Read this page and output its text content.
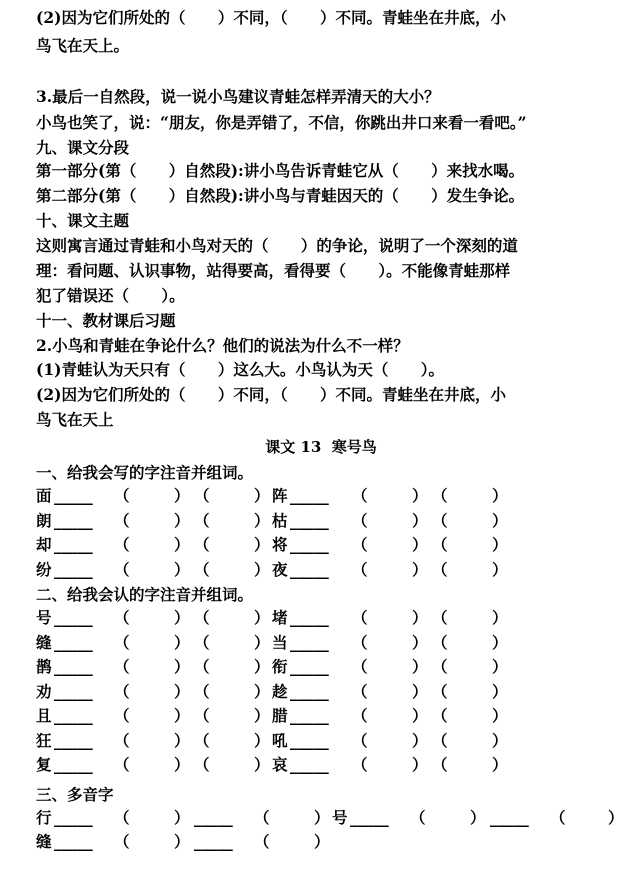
(2)因为它们所处的（      ）不同，（      ）不同。青蛙坐在井底，小
鸟飞在天上。
3.最后一自然段，说一说小鸟建议青蛙怎样弄清天的大小？
小鸟也笑了，说：“朋友，你是弄错了，不信，你跳出井口来看一看吧。”
九、课文分段
第一部分(第（      ）自然段):讲小鸟告诉青蛙它从（      ）来找水喝。
第二部分(第（      ）自然段):讲小鸟与青蛙因天的（      ）发生争论。
十、课文主题
这则寓言通过青蛙和小鸟对天的（      ）的争论，说明了一个深刻的道
理：看问题、认识事物，站得要高，看得要（      ）。不能像青蛙那样
犯了错误还（      ）。
十一、教材课后习题
2.小鸟和青蛙在争论什么？他们的说法为什么不一样？
(1)青蛙认为天只有（      ）这么大。小鸟认为天（      ）。
(2)因为它们所处的（      ）不同，（      ）不同。青蛙坐在井底，小
鸟飞在天上
课文 13  寒号鸟
一、给我会写的字注音并组词。
面 _____ （	） （	） 阵 _____ （	） （	）
朗 _____ （	） （	） 枯 _____ （	） （	）
却 _____ （	） （	） 将 _____ （	） （	）
纷 _____ （	） （	） 夜 _____ （	） （	）
二、给我会认的字注音并组词。
号 _____ （	） （	） 堵 _____ （	） （	）
缝 _____ （	） （	） 当 _____ （	） （	）
鹊 _____ （	） （	） 衔 _____ （	） （	）
劝 _____ （	） （	） 趁 _____ （	） （	）
且 _____ （	） （	） 腊 _____ （	） （	）
狂 _____ （	） （	） 吼 _____ （	） （	）
复 _____ （	） （	） 哀 _____ （	） （	）
三、多音字
行 _____ （	） _____ （	） 号 _____ （	） _____ （	）
缝 _____ （	） _____ （	）
